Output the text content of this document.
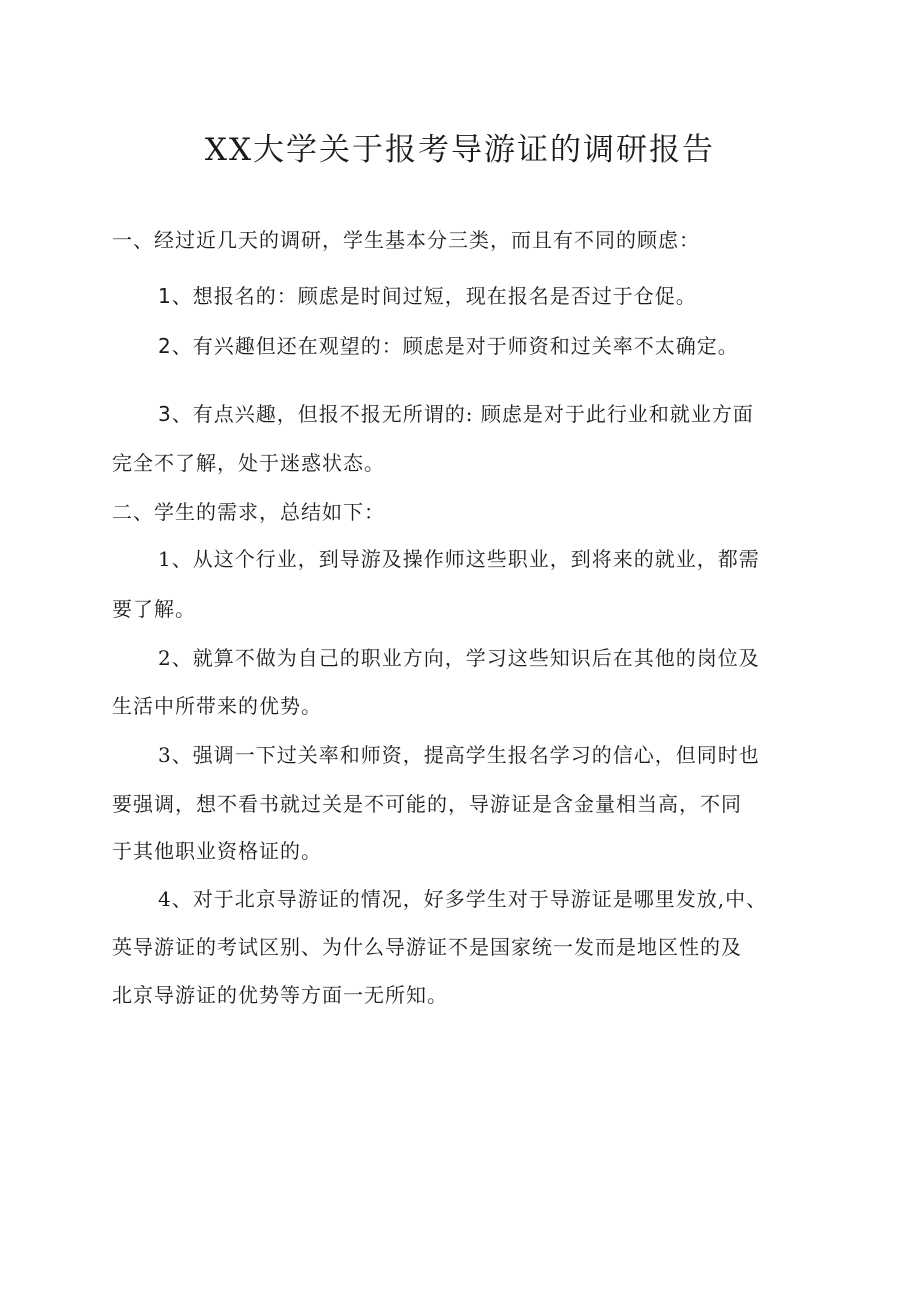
XX大学关于报考导游证的调研报告
一、经过近几天的调研，学生基本分三类，而且有不同的顾虑：
1、想报名的：顾虑是时间过短，现在报名是否过于仓促。
2、有兴趣但还在观望的：顾虑是对于师资和过关率不太确定。
3、有点兴趣，但报不报无所谓的: 顾虑是对于此行业和就业方面
完全不了解，处于迷惑状态。
二、学生的需求，总结如下：
1、从这个行业，到导游及操作师这些职业，到将来的就业，都需
要了解。
2、就算不做为自己的职业方向，学习这些知识后在其他的岗位及
生活中所带来的优势。
3、强调一下过关率和师资，提高学生报名学习的信心，但同时也
要强调，想不看书就过关是不可能的，导游证是含金量相当高，不同
于其他职业资格证的。
4、对于北京导游证的情况，好多学生对于导游证是哪里发放,中、
英导游证的考试区别、为什么导游证不是国家统一发而是地区性的及
北京导游证的优势等方面一无所知。
